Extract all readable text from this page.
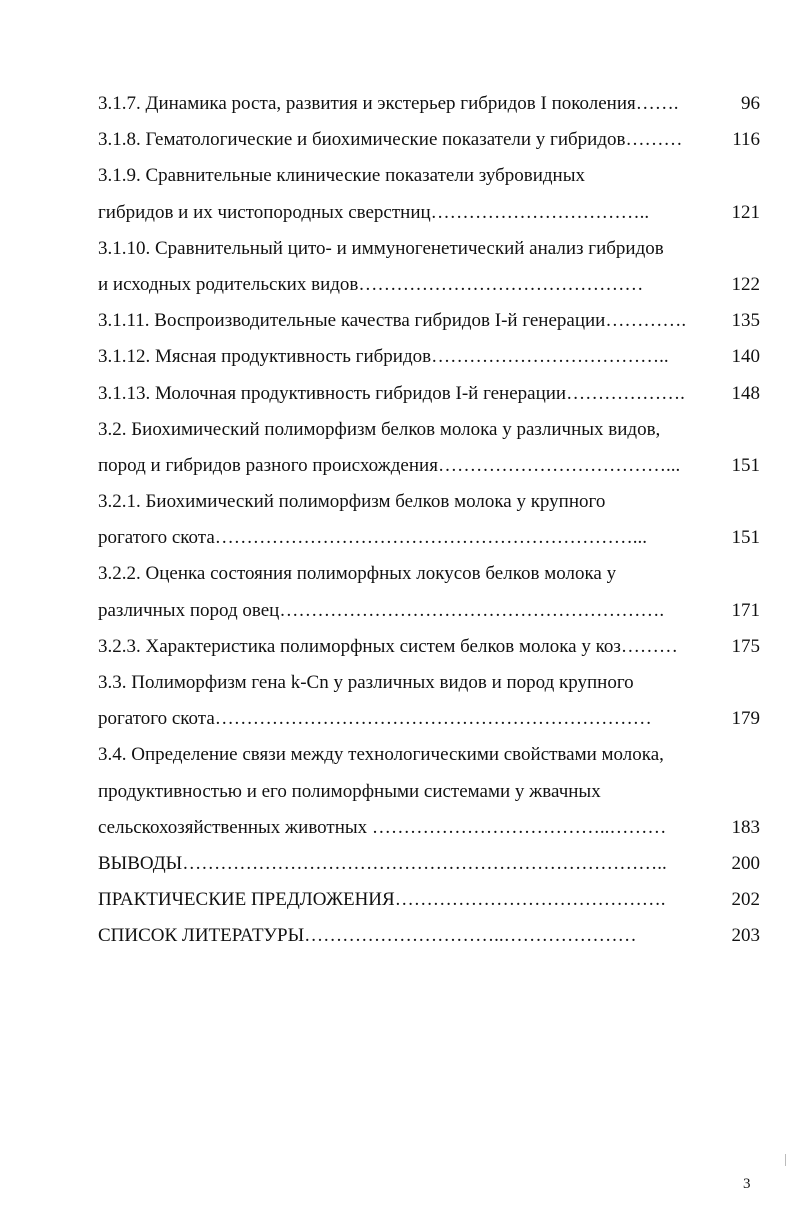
3.1.7. Динамика роста, развития и экстерьер гибридов I поколения…….	96
3.1.8. Гематологические и биохимические показатели у гибридов………	116
3.1.9. Сравнительные клинические показатели зубровидных
гибридов и их чистопородных сверстниц……………………………..	121
3.1.10. Сравнительный цито- и иммуногенетический анализ гибридов
и исходных родительских видов………………………………………	122
3.1.11. Воспроизводительные качества гибридов I-й генерации………….	135
3.1.12. Мясная продуктивность гибридов………………………………..	140
3.1.13. Молочная продуктивность гибридов I-й генерации……………….	148
3.2. Биохимический полиморфизм белков молока у различных видов,
пород и гибридов разного происхождения………………………………...	151
3.2.1. Биохимический полиморфизм белков молока у крупного
рогатого скота…………………………………………………………...	151
3.2.2. Оценка состояния полиморфных локусов белков молока у
различных пород овец…………………………………………………….	171
3.2.3. Характеристика полиморфных систем белков молока у коз………	175
3.3. Полиморфизм гена k-Cn у различных видов и пород крупного
рогатого скота……………………………………………………………	179
3.4. Определение связи между технологическими свойствами молока,
продуктивностью и его полиморфными системами у жвачных
сельскохозяйственных животных ………………………………..………	183
ВЫВОДЫ…………………………………………………………………..	200
ПРАКТИЧЕСКИЕ ПРЕДЛОЖЕНИЯ…………………………………….	202
СПИСОК ЛИТЕРАТУРЫ…………………………..…………………	203
3
